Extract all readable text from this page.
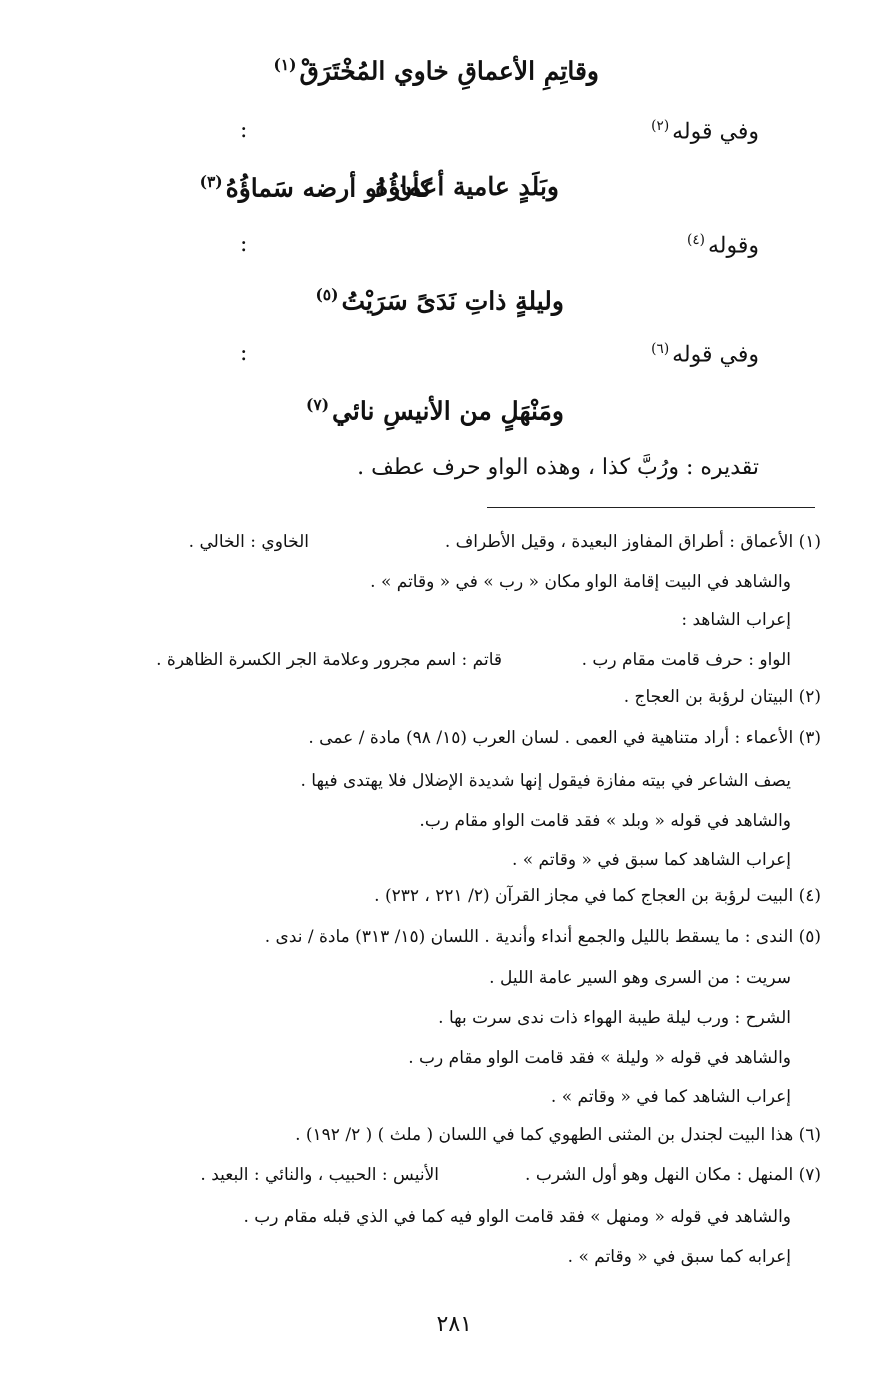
وقاتِمِ الأعماقِ خاوي المُخْتَرَقْ$^{(١)}$
وفي قوله$^{(٢)}$
:
وبَلَدٍ عامية أعماؤُهُ
كأن لو أرضه سَماؤُهُ$^{(٣)}$
وقوله$^{(٤)}$
:
وليلةٍ ذاتِ نَدَىً سَرَيْتُ$^{(٥)}$
وفي قوله$^{(٦)}$
:
ومَنْهَلٍ من الأنيسِ نائي$^{(٧)}$
تقديره : ورُبَّ كذا ، وهذه الواو حرف عطف .
(١) الأعماق : أطراق المفاوز البعيدة ، وقيل الأطراف .
الخاوي : الخالي .
والشاهد في البيت إقامة الواو مكان « رب » في « وقاتم » .
إعراب الشاهد :
الواو : حرف قامت مقام رب .
قاتم : اسم مجرور وعلامة الجر الكسرة الظاهرة .
(٢) البيتان لرؤبة بن العجاج .
(٣) الأعماء : أراد متناهية في العمى . لسان العرب (١٥/ ٩٨) مادة / عمى .
يصف الشاعر في بيته مفازة فيقول إنها شديدة الإضلال فلا يهتدى فيها .
والشاهد في قوله « وبلد » فقد قامت الواو مقام رب.
إعراب الشاهد كما سبق في « وقاتم » .
(٤) البيت لرؤبة بن العجاج كما في مجاز القرآن (٢/ ٢٢١ ، ٢٣٢) .
(٥) الندى : ما يسقط بالليل والجمع أنداء وأندية . اللسان (١٥/ ٣١٣) مادة / ندى .
سريت : من السرى وهو السير عامة الليل .
الشرح : ورب ليلة طيبة الهواء ذات ندى سرت بها .
والشاهد في قوله « وليلة » فقد قامت الواو مقام رب .
إعراب الشاهد كما في « وقاتم » .
(٦) هذا البيت لجندل بن المثنى الطهوي كما في اللسان ( ملث ) ( ٢/ ١٩٢) .
(٧) المنهل : مكان النهل وهو أول الشرب .
الأنيس : الحبيب ، والنائي : البعيد .
والشاهد في قوله « ومنهل » فقد قامت الواو فيه كما في الذي قبله مقام رب .
إعرابه كما سبق في « وقاتم » .
٢٨١
